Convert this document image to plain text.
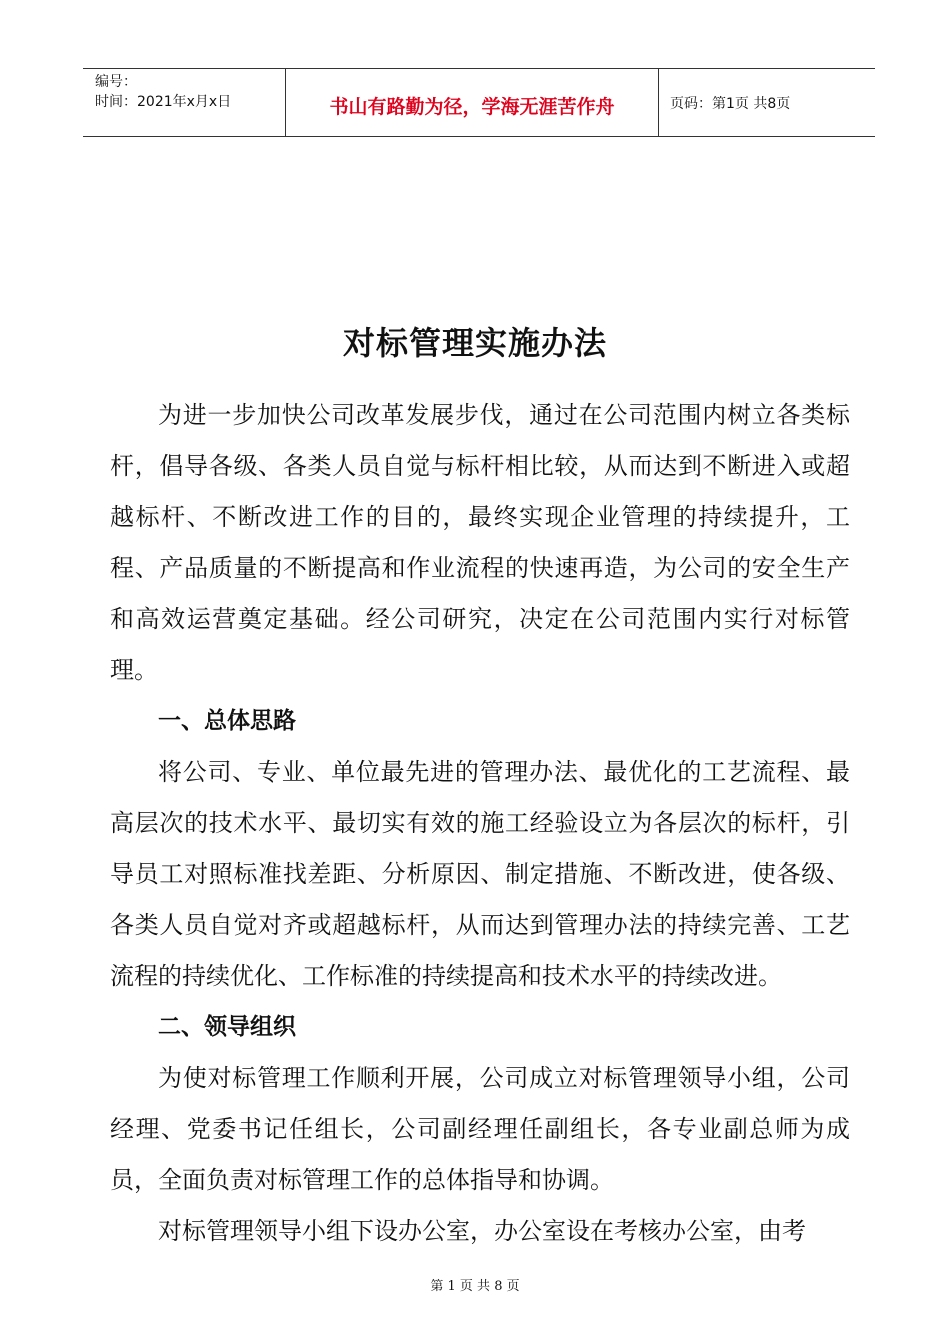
编号：
时间：2021年x月x日	书山有路勤为径，学海无涯苦作舟	页码：第1页 共8页
对标管理实施办法

为进一步加快公司改革发展步伐，通过在公司范围内树立各类标杆，倡导各级、各类人员自觉与标杆相比较，从而达到不断进入或超越标杆、不断改进工作的目的，最终实现企业管理的持续提升，工程、产品质量的不断提高和作业流程的快速再造，为公司的安全生产和高效运营奠定基础。经公司研究，决定在公司范围内实行对标管理。

一、总体思路

将公司、专业、单位最先进的管理办法、最优化的工艺流程、最高层次的技术水平、最切实有效的施工经验设立为各层次的标杆，引导员工对照标准找差距、分析原因、制定措施、不断改进，使各级、各类人员自觉对齐或超越标杆，从而达到管理办法的持续完善、工艺流程的持续优化、工作标准的持续提高和技术水平的持续改进。

二、领导组织

为使对标管理工作顺利开展，公司成立对标管理领导小组，公司经理、党委书记任组长，公司副经理任副组长，各专业副总师为成员，全面负责对标管理工作的总体指导和协调。

对标管理领导小组下设办公室，办公室设在考核办公室，由考

第 1 页 共 8 页
